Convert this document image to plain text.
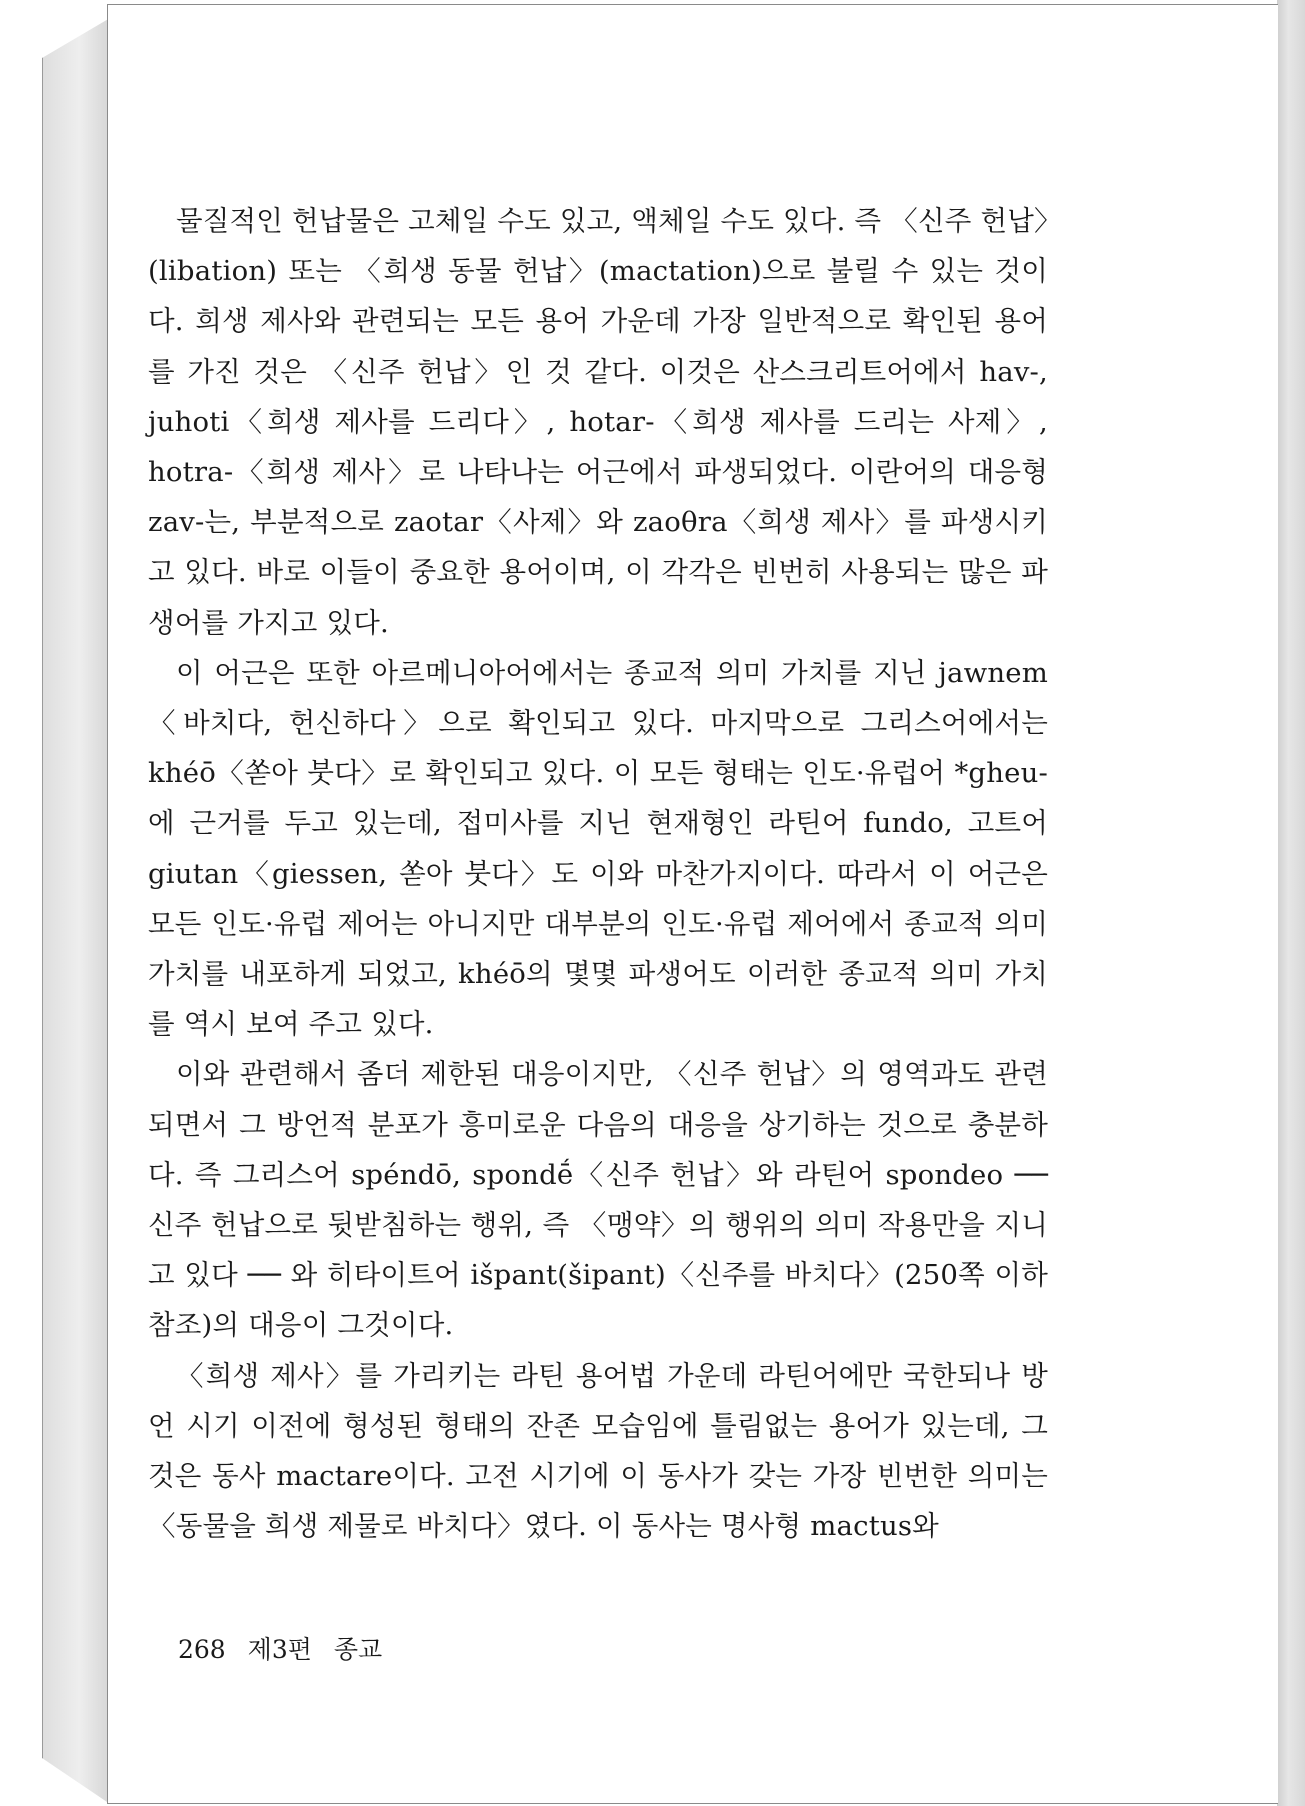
물질적인 헌납물은 고체일 수도 있고, 액체일 수도 있다. 즉 〈신주 헌납〉(libation) 또는 〈희생 동물 헌납〉(mactation)으로 불릴 수 있는 것이다. 희생 제사와 관련되는 모든 용어 가운데 가장 일반적으로 확인된 용어를 가진 것은 〈신주 헌납〉인 것 같다. 이것은 산스크리트어에서 hav-, juhoti〈희생 제사를 드리다〉, hotar-〈희생 제사를 드리는 사제〉, hotra-〈희생 제사〉로 나타나는 어근에서 파생되었다. 이란어의 대응형 zav-는, 부분적으로 zaotar〈사제〉와 zaoθra〈희생 제사〉를 파생시키고 있다. 바로 이들이 중요한 용어이며, 이 각각은 빈번히 사용되는 많은 파생어를 가지고 있다.

이 어근은 또한 아르메니아어에서는 종교적 의미 가치를 지닌 jawnem〈바치다, 헌신하다〉으로 확인되고 있다. 마지막으로 그리스어에서는 khéō〈쏟아 붓다〉로 확인되고 있다. 이 모든 형태는 인도·유럽어 *gheu-에 근거를 두고 있는데, 접미사를 지닌 현재형인 라틴어 fundo, 고트어 giutan〈giessen, 쏟아 붓다〉도 이와 마찬가지이다. 따라서 이 어근은 모든 인도·유럽 제어는 아니지만 대부분의 인도·유럽 제어에서 종교적 의미 가치를 내포하게 되었고, khéō의 몇몇 파생어도 이러한 종교적 의미 가치를 역시 보여 주고 있다.

이와 관련해서 좀더 제한된 대응이지만, 〈신주 헌납〉의 영역과도 관련되면서 그 방언적 분포가 흥미로운 다음의 대응을 상기하는 것으로 충분하다. 즉 그리스어 spéndō, spondḗ〈신주 헌납〉와 라틴어 spondeo ── 신주 헌납으로 뒷받침하는 행위, 즉 〈맹약〉의 행위의 의미 작용만을 지니고 있다 ── 와 히타이트어 išpant(šipant)〈신주를 바치다〉(250쪽 이하 참조)의 대응이 그것이다.

〈희생 제사〉를 가리키는 라틴 용어법 가운데 라틴어에만 국한되나 방언 시기 이전에 형성된 형태의 잔존 모습임에 틀림없는 용어가 있는데, 그것은 동사 mactare이다. 고전 시기에 이 동사가 갖는 가장 빈번한 의미는 〈동물을 희생 제물로 바치다〉였다. 이 동사는 명사형 mactus와

268 제3편 종교
